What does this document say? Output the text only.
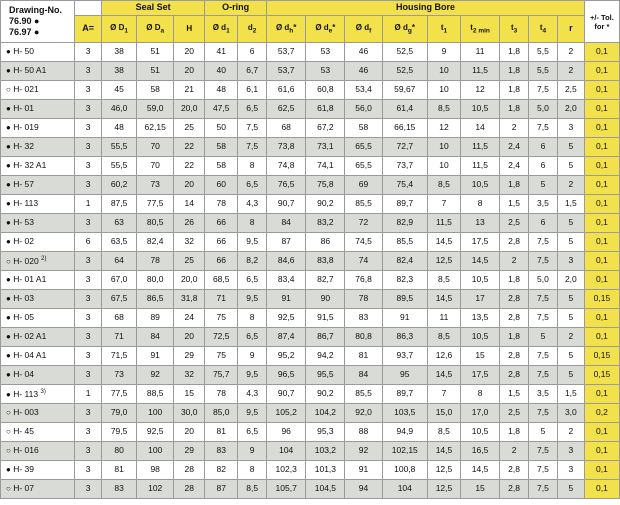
Drawing-No.
76.90 ●
76.97 ●		Seal Set			O-ring		Housing Bore									+/- Tol. for *

	A=	Ø $D_1$	Ø $D_a$	H	Ø $d_1$	$d_2$	Ø $d_h*$	Ø $d_e*$	Ø $d_f$	Ø $d_g*$	$t_1$	$t_{2 min}$	$t_3$	$t_4$	r	
● H- 50	3	38	51	20	41	6	53,7	53	46	52,5	9	11	1,8	5,5	2	0,1
● H- 50 A1	3	38	51	20	40	6,7	53,7	53	46	52,5	10	11,5	1,8	5,5	2	0,1
○ H- 021	3	45	58	21	48	6,1	61,6	60,8	53,4	59,67	10	12	1,8	7,5	2,5	0,1
● H- 01	3	46,0	59,0	20,0	47,5	6,5	62,5	61,8	56,0	61,4	8,5	10,5	1,8	5,0	2,0	0,1
● H- 019	3	48	62,15	25	50	7,5	68	67,2	58	66,15	12	14	2	7,5	3	0,1
● H- 32	3	55,5	70	22	58	7,5	73,8	73,1	65,5	72,7	10	11,5	2,4	6	5	0,1
● H- 32 A1	3	55,5	70	22	58	8	74,8	74,1	65,5	73,7	10	11,5	2,4	6	5	0,1
● H- 57	3	60,2	73	20	60	6,5	76,5	75,8	69	75,4	8,5	10,5	1,8	5	2	0,1
● H- 113	1	87,5	77,5	14	78	4,3	90,7	90,2	85,5	89,7	7	8	1,5	3,5	1,5	0,1
● H- 53	3	63	80,5	26	66	8	84	83,2	72	82,9	11,5	13	2,5	6	5	0,1
● H- 02	6	63,5	82,4	32	66	9,5	87	86	74,5	85,5	14,5	17,5	2,8	7,5	5	0,1
○ H- 020 $^{2)}$	3	64	78	25	66	8,2	84,6	83,8	74	82,4	12,5	14,5	2	7,5	3	0,1
● H- 01 A1	3	67,0	80,0	20,0	68,5	6,5	83,4	82,7	76,8	82,3	8,5	10,5	1,8	5,0	2,0	0,1
● H- 03	3	67,5	86,5	31,8	71	9,5	91	90	78	89,5	14,5	17	2,8	7,5	5	0,15
● H- 05	3	68	89	24	75	8	92,5	91,5	83	91	11	13,5	2,8	7,5	5	0,1
● H- 02 A1	3	71	84	20	72,5	6,5	87,4	86,7	80,8	86,3	8,5	10,5	1,8	5	2	0,1
● H- 04 A1	3	71,5	91	29	75	9	95,2	94,2	81	93,7	12,6	15	2,8	7,5	5	0,15
● H- 04	3	73	92	32	75,7	9,5	96,5	95,5	84	95	14,5	17,5	2,8	7,5	5	0,15
● H- 113 $^{3)}$	1	77,5	88,5	15	78	4,3	90,7	90,2	85,5	89,7	7	8	1,5	3,5	1,5	0,1
○ H- 003	3	79,0	100	30,0	85,0	9,5	105,2	104,2	92,0	103,5	15,0	17,0	2,5	7,5	3,0	0,2
○ H- 45	3	79,5	92,5	20	81	6,5	96	95,3	88	94,9	8,5	10,5	1,8	5	2	0,1
○ H- 016	3	80	100	29	83	9	104	103,2	92	102,15	14,5	16,5	2	7,5	3	0,1
● H- 39	3	81	98	28	82	8	102,3	101,3	91	100,8	12,5	14,5	2,8	7,5	3	0,1
○ H- 07	3	83	102	28	87	8,5	105,7	104,5	94	104	12,5	15	2,8	7,5	5	0,1
